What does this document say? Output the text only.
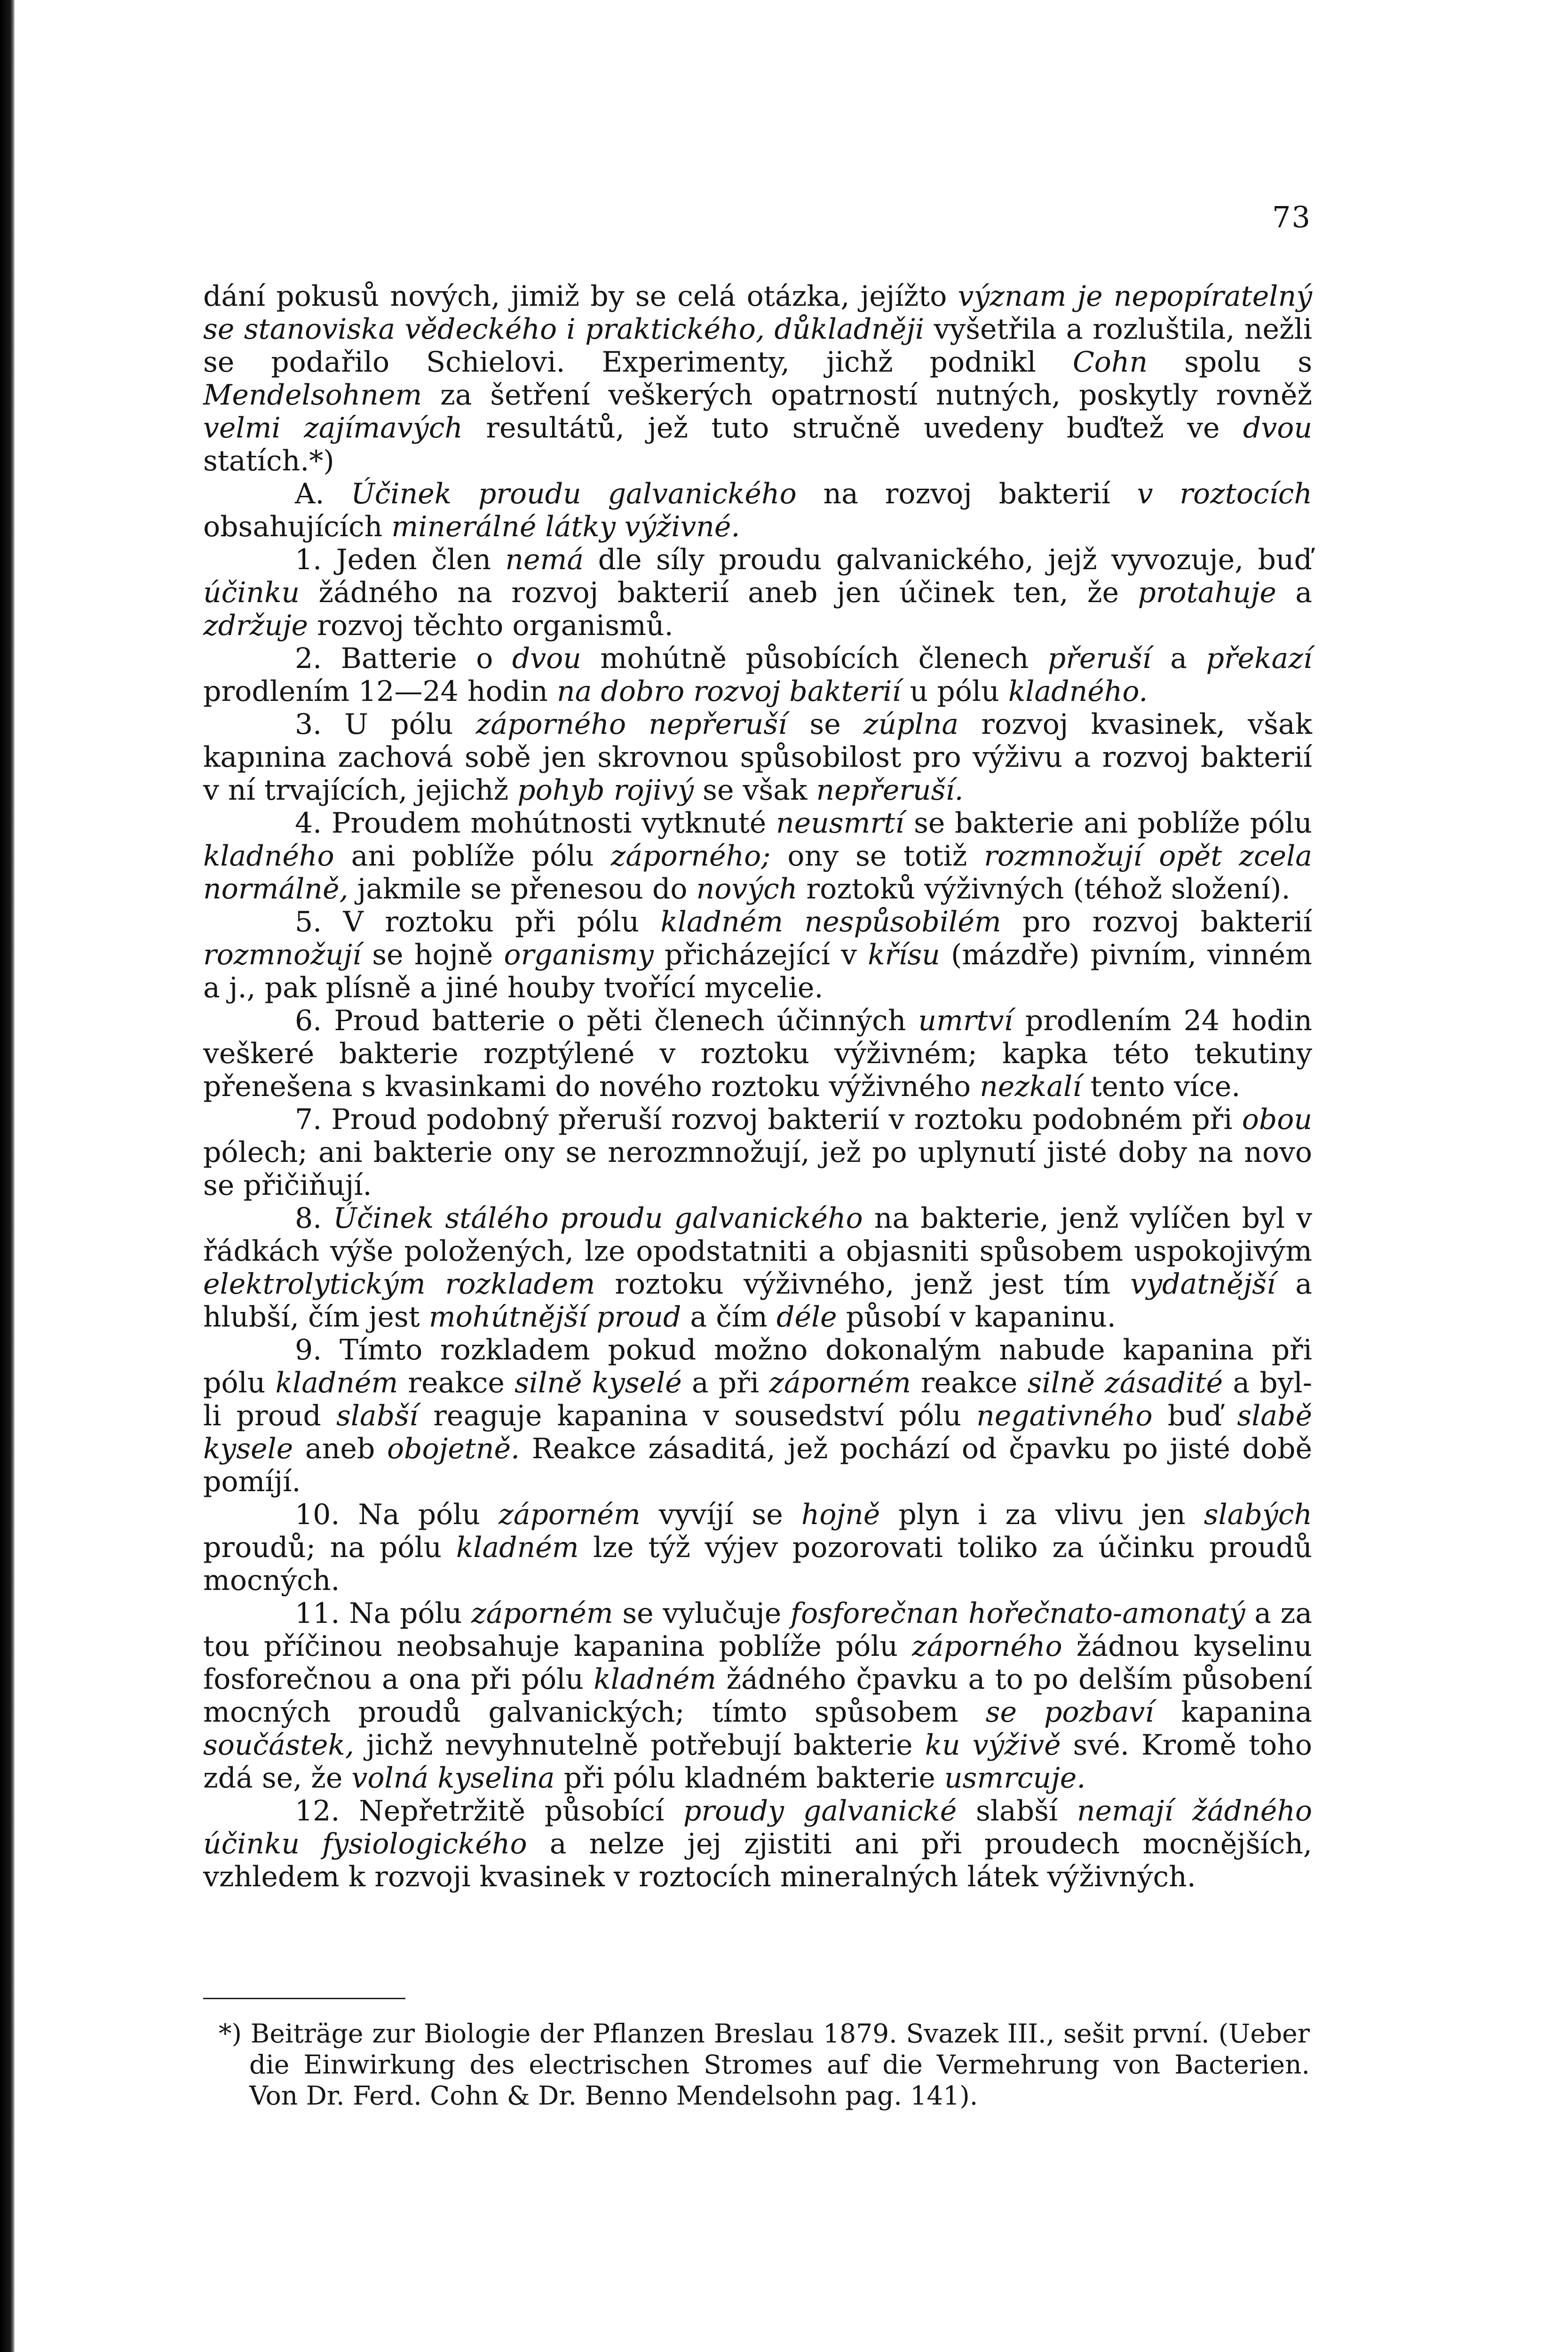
73

dání pokusů nových, jimiž by se celá otázka, jejížto význam je nepopíratelný se stanoviska vědeckého i praktického, důkladněji vyšetřila a rozluštila, nežli se podařilo Schielovi. Experimenty, jichž podnikl Cohn spolu s Mendelsohnem za šetření veškerých opatrností nutných, poskytly rovněž velmi zajímavých resultátů, jež tuto stručně uvedeny buďtež ve dvou statích.*)

A. Účinek proudu galvanického na rozvoj bakterií v roztocích obsahujících minerálné látky výživné.

1. Jeden člen nemá dle síly proudu galvanického, jejž vyvozuje, buď účinku žádného na rozvoj bakterií aneb jen účinek ten, že protahuje a zdržuje rozvoj těchto organismů.

2. Batterie o dvou mohútně působících členech přeruší a překazí prodlením 12—24 hodin na dobro rozvoj bakterií u pólu kladného.

3. U pólu záporného nepřeruší se zúplna rozvoj kvasinek, však kapınina zachová sobě jen skrovnou spůsobilost pro výživu a rozvoj bakterií v ní trvajících, jejichž pohyb rojivý se však nepřeruší.

4. Proudem mohútnosti vytknuté neusmrtí se bakterie ani poblíže pólu kladného ani poblíže pólu záporného; ony se totiž rozmnožují opět zcela normálně, jakmile se přenesou do nových roztoků výživných (téhož složení).

5. V roztoku při pólu kladném nespůsobilém pro rozvoj bakterií rozmnožují se hojně organismy přicházející v křísu (mázdře) pivním, vinném a j., pak plísně a jiné houby tvořící mycelie.

6. Proud batterie o pěti členech účinných umrtví prodlením 24 hodin veškeré bakterie rozptýlené v roztoku výživném; kapka této tekutiny přenešena s kvasinkami do nového roztoku výživného nezkalí tento více.

7. Proud podobný přeruší rozvoj bakterií v roztoku podobném při obou pólech; ani bakterie ony se nerozmnožují, jež po uplynutí jisté doby na novo se přičiňují.

8. Účinek stálého proudu galvanického na bakterie, jenž vylíčen byl v řádkách výše položených, lze opodstatniti a objasniti spůsobem uspokojivým elektrolytickým rozkladem roztoku výživného, jenž jest tím vydatnější a hlubší, čím jest mohútnější proud a čím déle působí v kapaninu.

9. Tímto rozkladem pokud možno dokonalým nabude kapanina při pólu kladném reakce silně kyselé a při záporném reakce silně zásadité a byl-li proud slabší reaguje kapanina v sousedství pólu negativného buď slabě kysele aneb obojetně. Reakce zásaditá, jež pochází od čpavku po jisté době pomíjí.

10. Na pólu záporném vyvíjí se hojně plyn i za vlivu jen slabých proudů; na pólu kladném lze týž výjev pozorovati toliko za účinku proudů mocných.

11. Na pólu záporném se vylučuje fosforečnan hořečnato-amonatý a za tou příčinou neobsahuje kapanina poblíže pólu záporného žádnou kyselinu fosforečnou a ona při pólu kladném žádného čpavku a to po delším působení mocných proudů galvanických; tímto spůsobem se pozbaví kapanina součástek, jichž nevyhnutelně potřebují bakterie ku výživě své. Kromě toho zdá se, že volná kyselina při pólu kladném bakterie usmrcuje.

12. Nepřetržitě působící proudy galvanické slabší nemají žádného účinku fysiologického a nelze jej zjistiti ani při proudech mocnějších, vzhledem k rozvoji kvasinek v roztocích mineralných látek výživných.

*) Beiträge zur Biologie der Pflanzen Breslau 1879. Svazek III., sešit první. (Ueber die Einwirkung des electrischen Stromes auf die Vermehrung von Bacterien. Von Dr. Ferd. Cohn & Dr. Benno Mendelsohn pag. 141).
